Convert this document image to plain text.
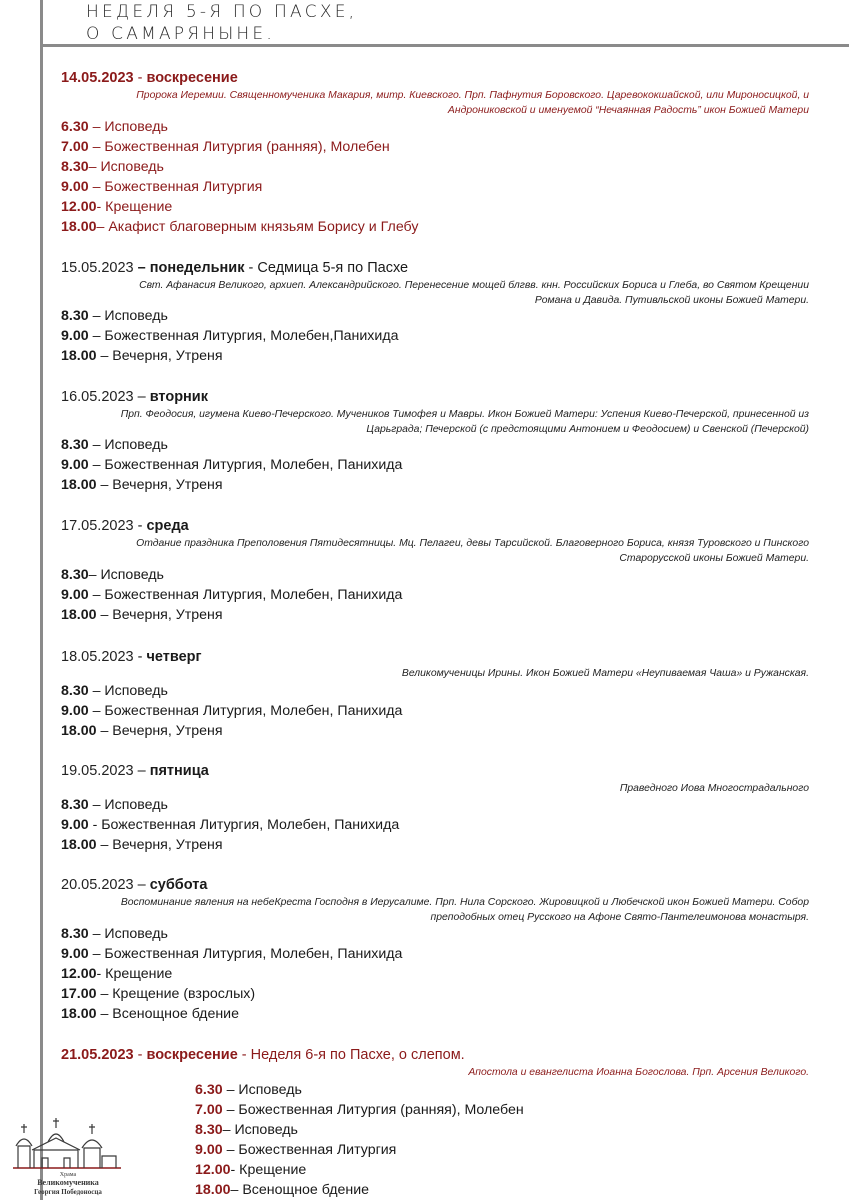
НЕДЕЛЯ 5-Я ПО ПАСХЕ,
О САМАРЯНЫНЕ.
14.05.2023 - воскресение
Пророка Иеремии. Священномученика Макария, митр. Киевского. Прп. Пафнутия Боровского. Царевококшайской, или Мироносицкой, и
Андрониковской и именуемой “Нечаянная Радость” икон Божией Матери
6.30 – Исповедь
7.00 – Божественная Литургия (ранняя), Молебен
8.30– Исповедь
9.00 – Божественная Литургия
12.00- Крещение
18.00– Акафист благоверным князьям Борису и Глебу
15.05.2023 – понедельник - Седмица 5-я по Пасхе
Свт. Афанасия Великого, архиеп. Александрийского. Перенесение мощей блгвв. кнн. Российских Бориса и Глеба, во Святом Крещении
Романа и Давида. Путивльской иконы Божией Матери.
8.30 – Исповедь
9.00 – Божественная Литургия, Молебен,Панихида
18.00 – Вечерня, Утреня
16.05.2023 – вторник
Прп. Феодосия, игумена Киево-Печерского. Мучеников Тимофея и Мавры. Икон Божией Матери: Успения Киево-Печерской, принесенной из
Царьграда; Печерской (с предстоящими Антонием и Феодосием) и Свенской (Печерской)
8.30 – Исповедь
9.00 – Божественная Литургия, Молебен, Панихида
18.00 – Вечерня, Утреня
17.05.2023 - среда
Отдание праздника Преполовения Пятидесятницы. Мц. Пелагеи, девы Тарсийской. Благоверного Бориса, князя Туровского и Пинского
Старорусской иконы Божией Матери.
8.30– Исповедь
9.00 – Божественная Литургия, Молебен, Панихида
18.00 – Вечерня, Утреня
18.05.2023 - четверг
Великомученицы Ирины. Икон Божией Матери «Неупиваемая Чаша» и Ружанская.
8.30 – Исповедь
9.00 – Божественная Литургия, Молебен, Панихида
18.00 – Вечерня, Утреня
19.05.2023 – пятница
Праведного Иова Многострадального
8.30 – Исповедь
9.00 - Божественная Литургия, Молебен, Панихида
18.00 – Вечерня, Утреня
20.05.2023 – суббота
Воспоминание явления на небеКреста Господня в Иерусалиме. Прп. Нила Сорского. Жировицкой и Любечской икон Божией Матери. Собор
преподобных отец Русского на Афоне Свято-Пантелеимонова монастыря.
8.30 – Исповедь
9.00 – Божественная Литургия, Молебен, Панихида
12.00- Крещение
17.00 – Крещение (взрослых)
18.00 – Всенощное бдение
21.05.2023 - воскресение - Неделя 6-я по Пасхе, о слепом.
Апостола и евангелиста Иоанна Богослова. Прп. Арсения Великого.
6.30 – Исповедь
7.00 – Божественная Литургия (ранняя), Молебен
8.30– Исповедь
9.00 – Божественная Литургия
12.00- Крещение
18.00– Всенощное бдение
Храма
Великомученика
Георгия Победоносца
